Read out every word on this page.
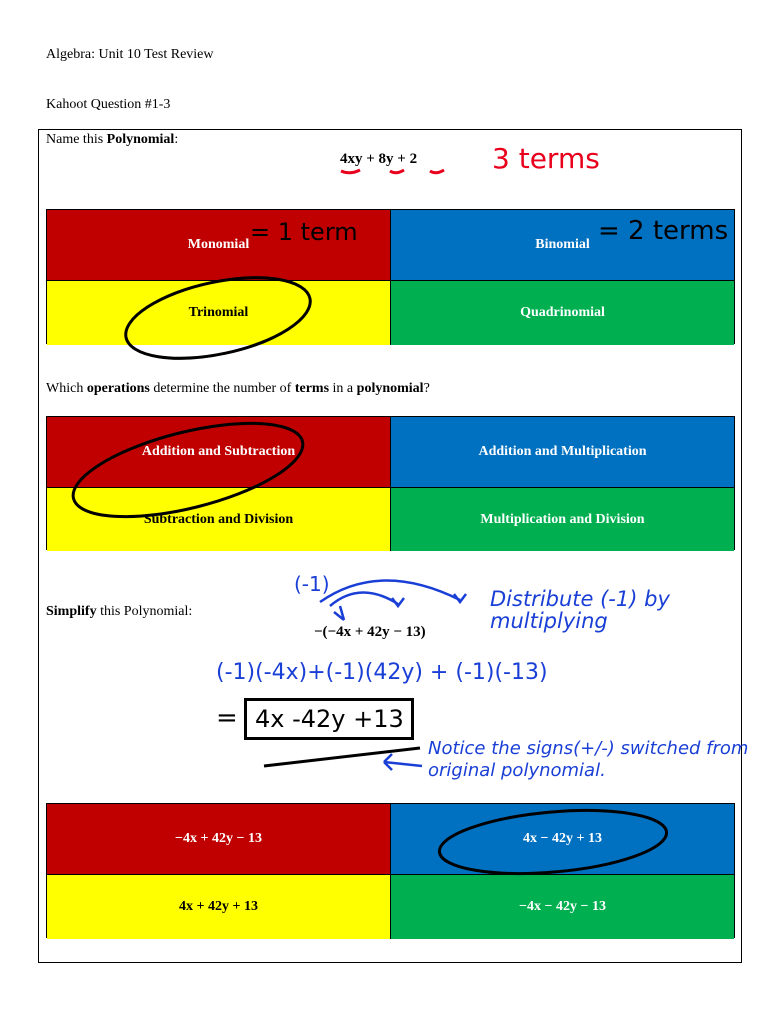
Algebra: Unit 10 Test Review
Kahoot Question #1-3
Name this Polynomial:
4xy + 8y + 2	3 terms
Monomial	Binomial
Trinomial	Quadrinomial
= 1 term	= 2 terms
Which operations determine the number of terms in a polynomial?
Addition and Subtraction	Addition and Multiplication
Subtraction and Division	Multiplication and Division
Simplify this Polynomial:
−(−4x + 42y − 13)
(-1)
Distribute (-1) by multiplying
(-1)(-4x)+(-1)(42y) + (-1)(-13)
= 4x -42y +13
Notice the signs(+/-) switched from original polynomial.
−4x + 42y − 13	4x − 42y + 13
4x + 42y + 13	−4x − 42y − 13
